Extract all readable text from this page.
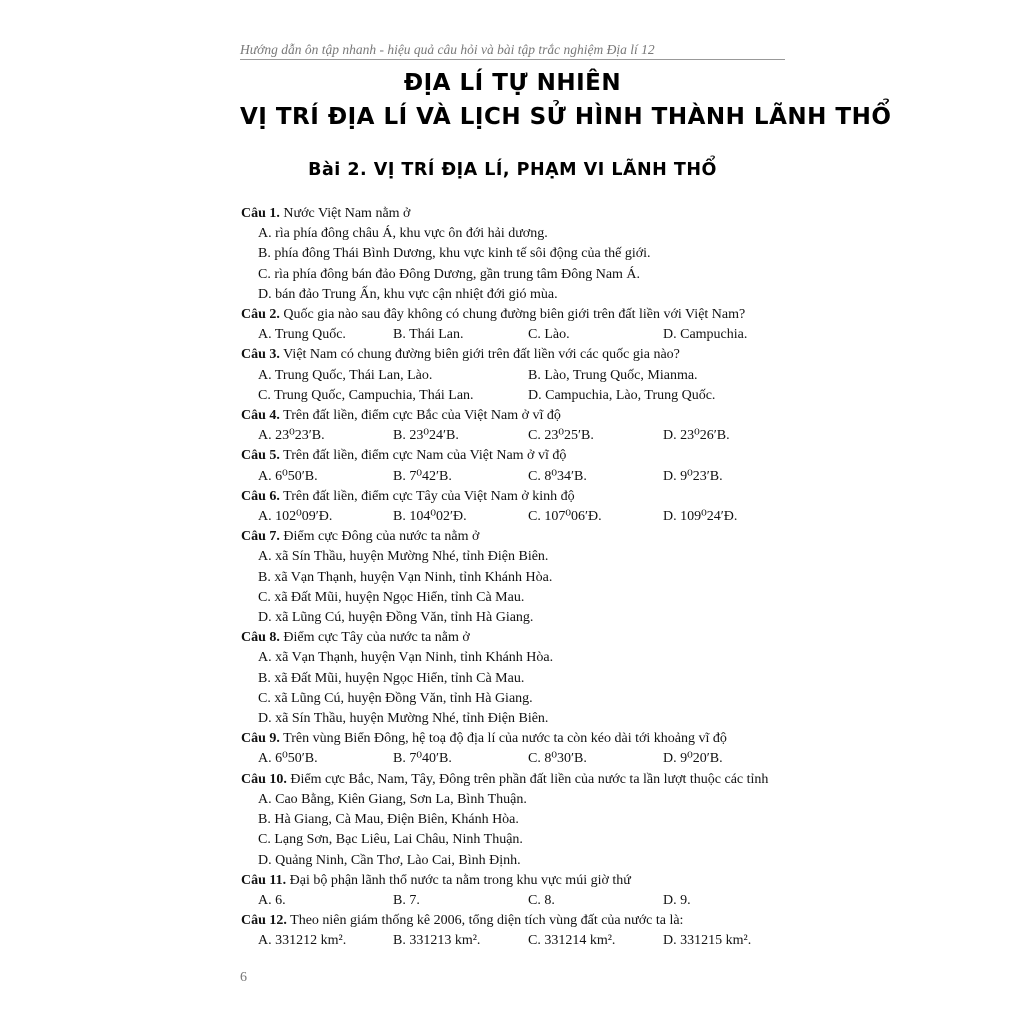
Hướng dẫn ôn tập nhanh - hiệu quả câu hỏi và bài tập trắc nghiệm Địa lí 12
ĐỊA LÍ TỰ NHIÊN
VỊ TRÍ ĐỊA LÍ VÀ LỊCH SỬ HÌNH THÀNH LÃNH THỔ
Bài 2. VỊ TRÍ ĐỊA LÍ, PHẠM VI LÃNH THỔ
Câu 1. Nước Việt Nam nằm ở
A. rìa phía đông châu Á, khu vực ôn đới hải dương.
B. phía đông Thái Bình Dương, khu vực kinh tế sôi động của thế giới.
C. rìa phía đông bán đảo Đông Dương, gần trung tâm Đông Nam Á.
D. bán đảo Trung Ấn, khu vực cận nhiệt đới gió mùa.
Câu 2. Quốc gia nào sau đây không có chung đường biên giới trên đất liền với Việt Nam?
A. Trung Quốc.	B. Thái Lan.	C. Lào.	D. Campuchia.
Câu 3. Việt Nam có chung đường biên giới trên đất liền với các quốc gia nào?
A. Trung Quốc, Thái Lan, Lào.	B. Lào, Trung Quốc, Mianma.
C. Trung Quốc, Campuchia, Thái Lan.	D. Campuchia, Lào, Trung Quốc.
Câu 4. Trên đất liền, điểm cực Bắc của Việt Nam ở vĩ độ
A. 23⁰23′B.	B. 23⁰24′B.	C. 23⁰25′B.	D. 23⁰26′B.
Câu 5. Trên đất liền, điểm cực Nam của Việt Nam ở vĩ độ
A. 6⁰50′B.	B. 7⁰42′B.	C. 8⁰34′B.	D. 9⁰23′B.
Câu 6. Trên đất liền, điểm cực Tây của Việt Nam ở kinh độ
A. 102⁰09′Đ.	B. 104⁰02′Đ.	C. 107⁰06′Đ.	D. 109⁰24′Đ.
Câu 7. Điểm cực Đông của nước ta nằm ở
A. xã Sín Thầu, huyện Mường Nhé, tỉnh Điện Biên.
B. xã Vạn Thạnh, huyện Vạn Ninh, tỉnh Khánh Hòa.
C. xã Đất Mũi, huyện Ngọc Hiển, tỉnh Cà Mau.
D. xã Lũng Cú, huyện Đồng Văn, tỉnh Hà Giang.
Câu 8. Điểm cực Tây của nước ta nằm ở
A. xã Vạn Thạnh, huyện Vạn Ninh, tỉnh Khánh Hòa.
B. xã Đất Mũi, huyện Ngọc Hiển, tỉnh Cà Mau.
C. xã Lũng Cú, huyện Đồng Văn, tỉnh Hà Giang.
D. xã Sín Thầu, huyện Mường Nhé, tỉnh Điện Biên.
Câu 9. Trên vùng Biển Đông, hệ toạ độ địa lí của nước ta còn kéo dài tới khoảng vĩ độ
A. 6⁰50′B.	B. 7⁰40′B.	C. 8⁰30′B.	D. 9⁰20′B.
Câu 10. Điểm cực Bắc, Nam, Tây, Đông trên phần đất liền của nước ta lần lượt thuộc các tỉnh
A. Cao Bằng, Kiên Giang, Sơn La, Bình Thuận.
B. Hà Giang, Cà Mau, Điện Biên, Khánh Hòa.
C. Lạng Sơn, Bạc Liêu, Lai Châu, Ninh Thuận.
D. Quảng Ninh, Cần Thơ, Lào Cai, Bình Định.
Câu 11. Đại bộ phận lãnh thổ nước ta nằm trong khu vực múi giờ thứ
A. 6.	B. 7.	C. 8.	D. 9.
Câu 12. Theo niên giám thống kê 2006, tổng diện tích vùng đất của nước ta là:
A. 331212 km².	B. 331213 km².	C. 331214 km².	D. 331215 km².
6
